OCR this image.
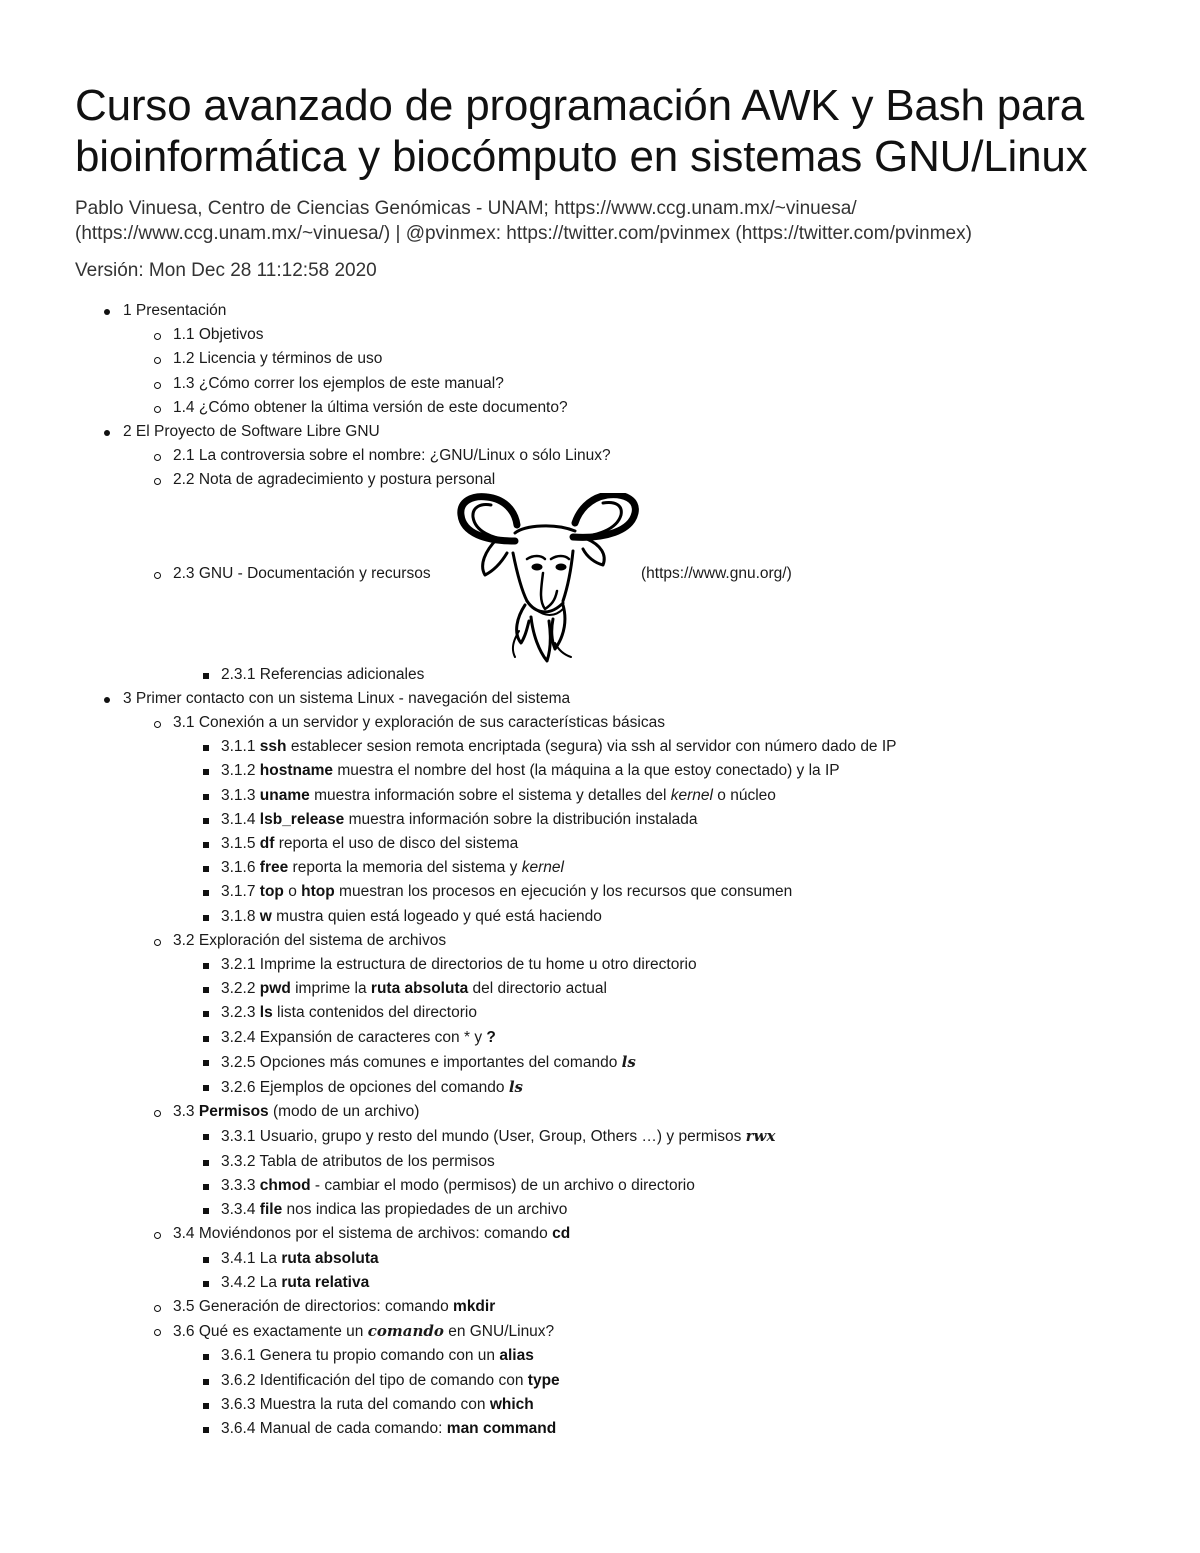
Curso avanzado de programación AWK y Bash para bioinformática y biocómputo en sistemas GNU/Linux

Pablo Vinuesa, Centro de Ciencias Genómicas - UNAM; https://www.ccg.unam.mx/~vinuesa/ (https://www.ccg.unam.mx/~vinuesa/) | @pvinmex: https://twitter.com/pvinmex (https://twitter.com/pvinmex)

Versión: Mon Dec 28 11:12:58 2020

1 Presentación
1.1 Objetivos
1.2 Licencia y términos de uso
1.3 ¿Cómo correr los ejemplos de este manual?
1.4 ¿Cómo obtener la última versión de este documento?
2 El Proyecto de Software Libre GNU
2.1 La controversia sobre el nombre: ¿GNU/Linux o sólo Linux?
2.2 Nota de agradecimiento y postura personal
2.3 GNU - Documentación y recursos	(https://www.gnu.org/)
2.3.1 Referencias adicionales
3 Primer contacto con un sistema Linux - navegación del sistema
3.1 Conexión a un servidor y exploración de sus características básicas
3.1.1 ssh establecer sesion remota encriptada (segura) via ssh al servidor con número dado de IP
3.1.2 hostname muestra el nombre del host (la máquina a la que estoy conectado) y la IP
3.1.3 uname muestra información sobre el sistema y detalles del kernel o núcleo
3.1.4 lsb_release muestra información sobre la distribución instalada
3.1.5 df reporta el uso de disco del sistema
3.1.6 free reporta la memoria del sistema y kernel
3.1.7 top o htop muestran los procesos en ejecución y los recursos que consumen
3.1.8 w mustra quien está logeado y qué está haciendo
3.2 Exploración del sistema de archivos
3.2.1 Imprime la estructura de directorios de tu home u otro directorio
3.2.2 pwd imprime la ruta absoluta del directorio actual
3.2.3 ls lista contenidos del directorio
3.2.4 Expansión de caracteres con * y ?
3.2.5 Opciones más comunes e importantes del comando ls
3.2.6 Ejemplos de opciones del comando ls
3.3 Permisos (modo de un archivo)
3.3.1 Usuario, grupo y resto del mundo (User, Group, Others …) y permisos rwx
3.3.2 Tabla de atributos de los permisos
3.3.3 chmod - cambiar el modo (permisos) de un archivo o directorio
3.3.4 file nos indica las propiedades de un archivo
3.4 Moviéndonos por el sistema de archivos: comando cd
3.4.1 La ruta absoluta
3.4.2 La ruta relativa
3.5 Generación de directorios: comando mkdir
3.6 Qué es exactamente un comando en GNU/Linux?
3.6.1 Genera tu propio comando con un alias
3.6.2 Identificación del tipo de comando con type
3.6.3 Muestra la ruta del comando con which
3.6.4 Manual de cada comando: man command
